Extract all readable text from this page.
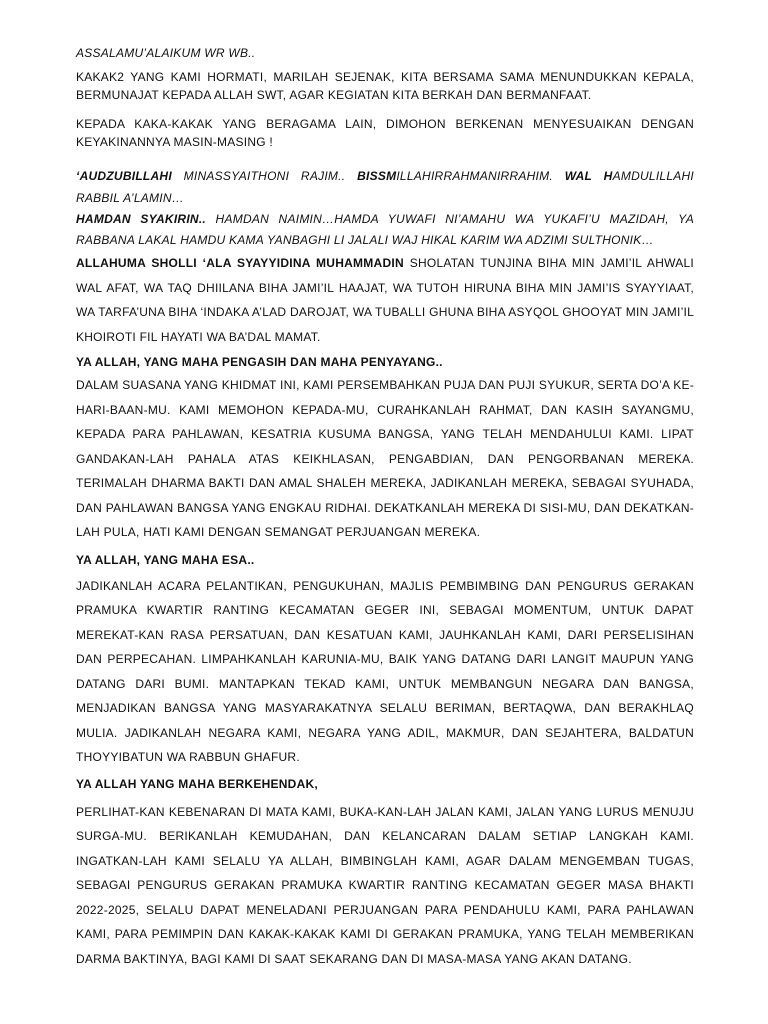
ASSALAMU’ALAIKUM WR WB..

KAKAK2 YANG KAMI HORMATI, MARILAH SEJENAK, KITA BERSAMA SAMA MENUNDUKKAN KEPALA, BERMUNAJAT KEPADA ALLAH SWT, AGAR KEGIATAN KITA BERKAH DAN BERMANFAAT.

KEPADA KAKA-KAKAK YANG BERAGAMA LAIN, DIMOHON BERKENAN MENYESUAIKAN DENGAN KEYAKINANNYA MASIN-MASING !

‘AUDZUBILLAHI MINASSYAITHONI RAJIM.. BISSMILLAHIRRAHMANIRRAHIM. WAL HAMDULILLAHI RABBIL A’LAMIN…

HAMDAN SYAKIRIN.. HAMDAN NAIMIN…HAMDA YUWAFI NI’AMAHU WA YUKAFI’U MAZIDAH, YA RABBANA LAKAL HAMDU KAMA YANBAGHI LI JALALI WAJ HIKAL KARIM WA ADZIMI SULTHONIK…

ALLAHUMA SHOLLI ‘ALA SYAYYIDINA MUHAMMADIN SHOLATAN TUNJINA BIHA MIN JAMI’IL AHWALI WAL AFAT, WA TAQ DHIILANA BIHA JAMI’IL HAAJAT, WA TUTOH HIRUNA BIHA MIN JAMI’IS SYAYYIAAT, WA TARFA’UNA BIHA ‘INDAKA A’LAD DAROJAT, WA TUBALLI GHUNA BIHA ASYQOL GHOOYAT MIN JAMI’IL KHOIROTI FIL HAYATI WA BA’DAL MAMAT.

YA ALLAH, YANG MAHA PENGASIH DAN MAHA PENYAYANG..

DALAM SUASANA YANG KHIDMAT INI, KAMI PERSEMBAHKAN PUJA DAN PUJI SYUKUR, SERTA DO’A KE-HARI-BAAN-MU. KAMI MEMOHON KEPADA-MU, CURAHKANLAH RAHMAT, DAN KASIH SAYANGMU, KEPADA PARA PAHLAWAN, KESATRIA KUSUMA BANGSA, YANG TELAH MENDAHULUI KAMI. LIPAT GANDAKAN-LAH PAHALA ATAS KEIKHLASAN, PENGABDIAN, DAN PENGORBANAN MEREKA. TERIMALAH DHARMA BAKTI DAN AMAL SHALEH MEREKA, JADIKANLAH MEREKA, SEBAGAI SYUHADA, DAN PAHLAWAN BANGSA YANG ENGKAU RIDHAI. DEKATKANLAH MEREKA DI SISI-MU, DAN DEKATKAN-LAH PULA, HATI KAMI DENGAN SEMANGAT PERJUANGAN MEREKA.

YA ALLAH, YANG MAHA ESA..

JADIKANLAH ACARA PELANTIKAN, PENGUKUHAN, MAJLIS PEMBIMBING DAN PENGURUS GERAKAN PRAMUKA KWARTIR RANTING KECAMATAN GEGER INI, SEBAGAI MOMENTUM, UNTUK DAPAT MEREKAT-KAN RASA PERSATUAN, DAN KESATUAN KAMI, JAUHKANLAH KAMI, DARI PERSELISIHAN DAN PERPECAHAN. LIMPAHKANLAH KARUNIA-MU, BAIK YANG DATANG DARI LANGIT MAUPUN YANG DATANG DARI BUMI. MANTAPKAN TEKAD KAMI, UNTUK MEMBANGUN NEGARA DAN BANGSA, MENJADIKAN BANGSA YANG MASYARAKATNYA SELALU BERIMAN, BERTAQWA, DAN BERAKHLAQ MULIA. JADIKANLAH NEGARA KAMI, NEGARA YANG ADIL, MAKMUR, DAN SEJAHTERA, BALDATUN THOYYIBATUN WA RABBUN GHAFUR.

YA ALLAH YANG MAHA BERKEHENDAK,

PERLIHAT-KAN KEBENARAN DI MATA KAMI, BUKA-KAN-LAH JALAN KAMI, JALAN YANG LURUS MENUJU SURGA-MU. BERIKANLAH KEMUDAHAN, DAN KELANCARAN DALAM SETIAP LANGKAH KAMI. INGATKAN-LAH KAMI SELALU YA ALLAH, BIMBINGLAH KAMI, AGAR DALAM MENGEMBAN TUGAS, SEBAGAI PENGURUS GERAKAN PRAMUKA KWARTIR RANTING KECAMATAN GEGER MASA BHAKTI 2022-2025, SELALU DAPAT MENELADANI PERJUANGAN PARA PENDAHULU KAMI, PARA PAHLAWAN KAMI, PARA PEMIMPIN DAN KAKAK-KAKAK KAMI DI GERAKAN PRAMUKA, YANG TELAH MEMBERIKAN DARMA BAKTINYA, BAGI KAMI DI SAAT SEKARANG DAN DI MASA-MASA YANG AKAN DATANG.
